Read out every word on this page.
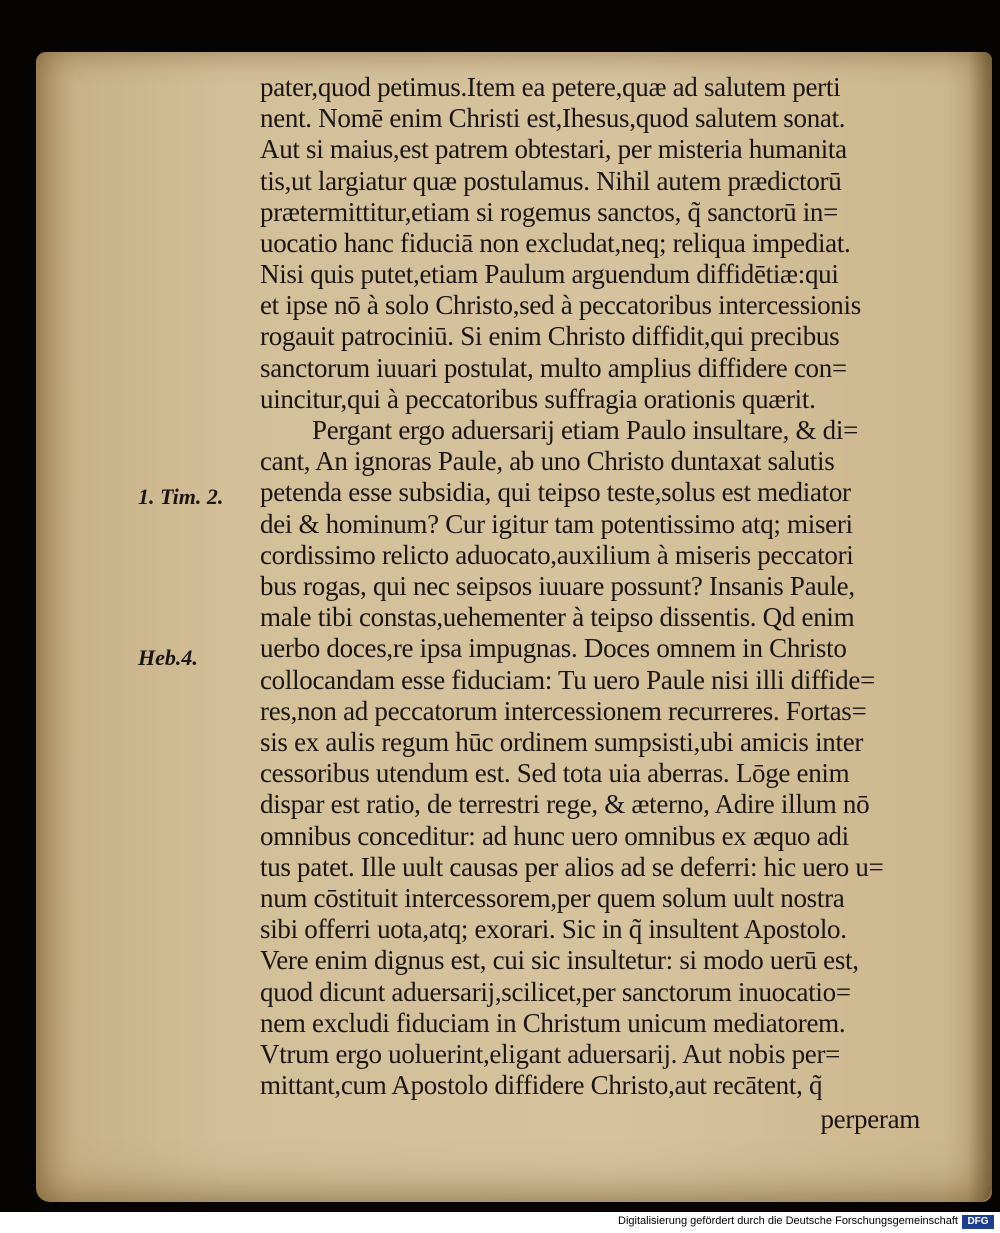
pater,quod petimus.Item ea petere,quæ ad salutem perti
nent. Nomē enim Christi est,Ihesus,quod salutem sonat.
Aut si maius,est patrem obtestari, per misteria humanita
tis,ut largiatur quæ postulamus. Nihil autem prædictorū
prætermittitur,etiam si rogemus sanctos, q̃ sanctorū in=
uocatio hanc fiduciā non excludat,neq; reliqua impediat.
Nisi quis putet,etiam Paulum arguendum diffidētiæ:qui
et ipse nō à solo Christo,sed à peccatoribus intercessionis
rogauit patrociniū. Si enim Christo diffidit,qui precibus
sanctorum iuuari postulat, multo amplius diffidere con=
uincitur,qui à peccatoribus suffragia orationis quærit.
Pergant ergo aduersarij etiam Paulo insultare, & di=
cant, An ignoras Paule, ab uno Christo duntaxat salutis
petenda esse subsidia, qui teipso teste,solus est mediator
dei & hominum? Cur igitur tam potentissimo atq; miseri
cordissimo relicto aduocato,auxilium à miseris peccatori
bus rogas, qui nec seipsos iuuare possunt? Insanis Paule,
male tibi constas,uehementer à teipso dissentis. Qd enim
uerbo doces,re ipsa impugnas. Doces omnem in Christo
collocandam esse fiduciam: Tu uero Paule nisi illi diffide=
res,non ad peccatorum intercessionem recurreres. Fortas=
sis ex aulis regum hūc ordinem sumpsisti,ubi amicis inter
cessoribus utendum est. Sed tota uia aberras. Lōge enim
dispar est ratio, de terrestri rege, & æterno, Adire illum nō
omnibus conceditur: ad hunc uero omnibus ex æquo adi
tus patet. Ille uult causas per alios ad se deferri: hic uero u=
num cōstituit intercessorem,per quem solum uult nostra
sibi offerri uota,atq; exorari. Sic in q̃ insultent Apostolo.
Vere enim dignus est, cui sic insultetur: si modo uerū est,
quod dicunt aduersarij,scilicet,per sanctorum inuocatio=
nem excludi fiduciam in Christum unicum mediatorem.
Vtrum ergo uoluerint,eligant aduersarij. Aut nobis per=
mittant,cum Apostolo diffidere Christo,aut recātent, q̃
perperam
1. Tim. 2.
Heb.4.
Digitalisierung gefördert durch die Deutsche Forschungsgemeinschaft DFG
